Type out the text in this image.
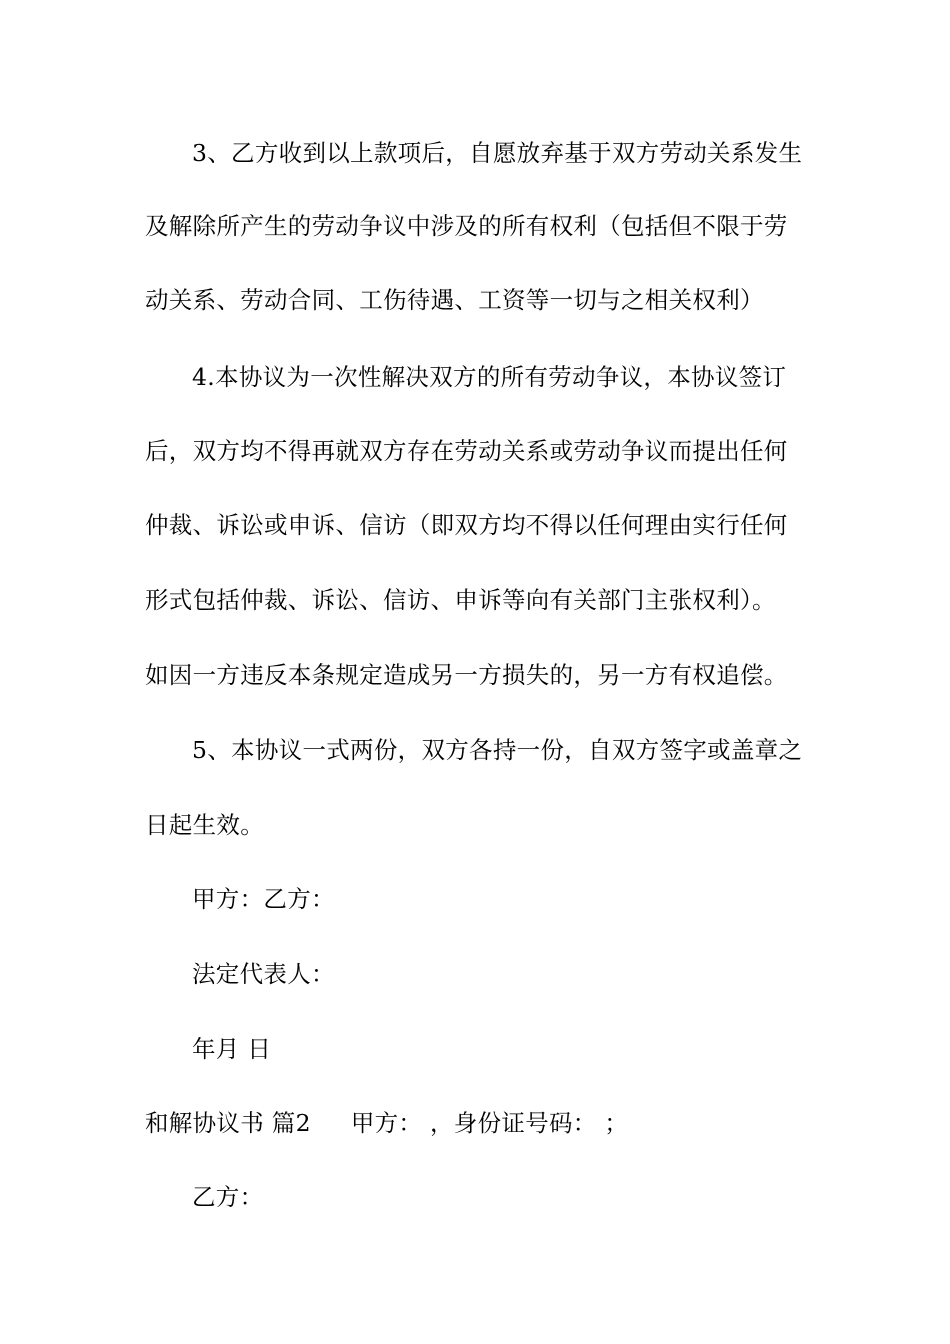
3、乙方收到以上款项后，自愿放弃基于双方劳动关系发生
及解除所产生的劳动争议中涉及的所有权利（包括但不限于劳
动关系、劳动合同、工伤待遇、工资等一切与之相关权利）
4.本协议为一次性解决双方的所有劳动争议，本协议签订
后，双方均不得再就双方存在劳动关系或劳动争议而提出任何
仲裁、诉讼或申诉、信访（即双方均不得以任何理由实行任何
形式包括仲裁、诉讼、信访、申诉等向有关部门主张权利）。
如因一方违反本条规定造成另一方损失的，另一方有权追偿。
5、本协议一式两份，双方各持一份，自双方签字或盖章之
日起生效。
甲方：乙方：
法定代表人：
年月 日
和解协议书 篇2 甲方： ，身份证号码： ；
乙方：
